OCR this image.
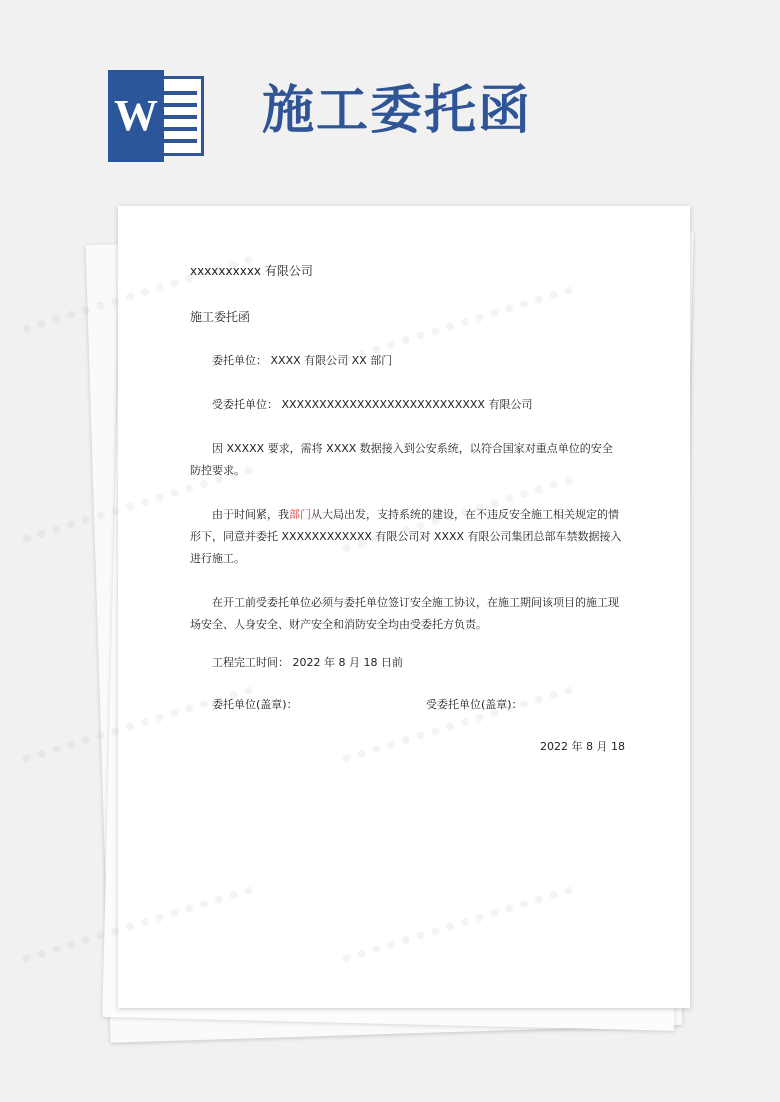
W 施工委托函
xxxxxxxxxx 有限公司
施工委托函
委托单位： XXXX 有限公司 XX 部门
受委托单位： XXXXXXXXXXXXXXXXXXXXXXXXXXX 有限公司
因 XXXXX 要求，需将 XXXX 数据接入到公安系统，以符合国家对重点单位的安全防控要求。
由于时间紧，我部门从大局出发，支持系统的建设，在不违反安全施工相关规定的情形下，同意并委托 XXXXXXXXXXXX 有限公司对 XXXX 有限公司集团总部车禁数据接入进行施工。
在开工前受委托单位必须与委托单位签订安全施工协议，在施工期间该项目的施工现场安全、人身安全、财产安全和消防安全均由受委托方负责。
工程完工时间： 2022 年 8 月 18 日前
委托单位(盖章)：	受委托单位(盖章)：
2022 年 8 月 18
